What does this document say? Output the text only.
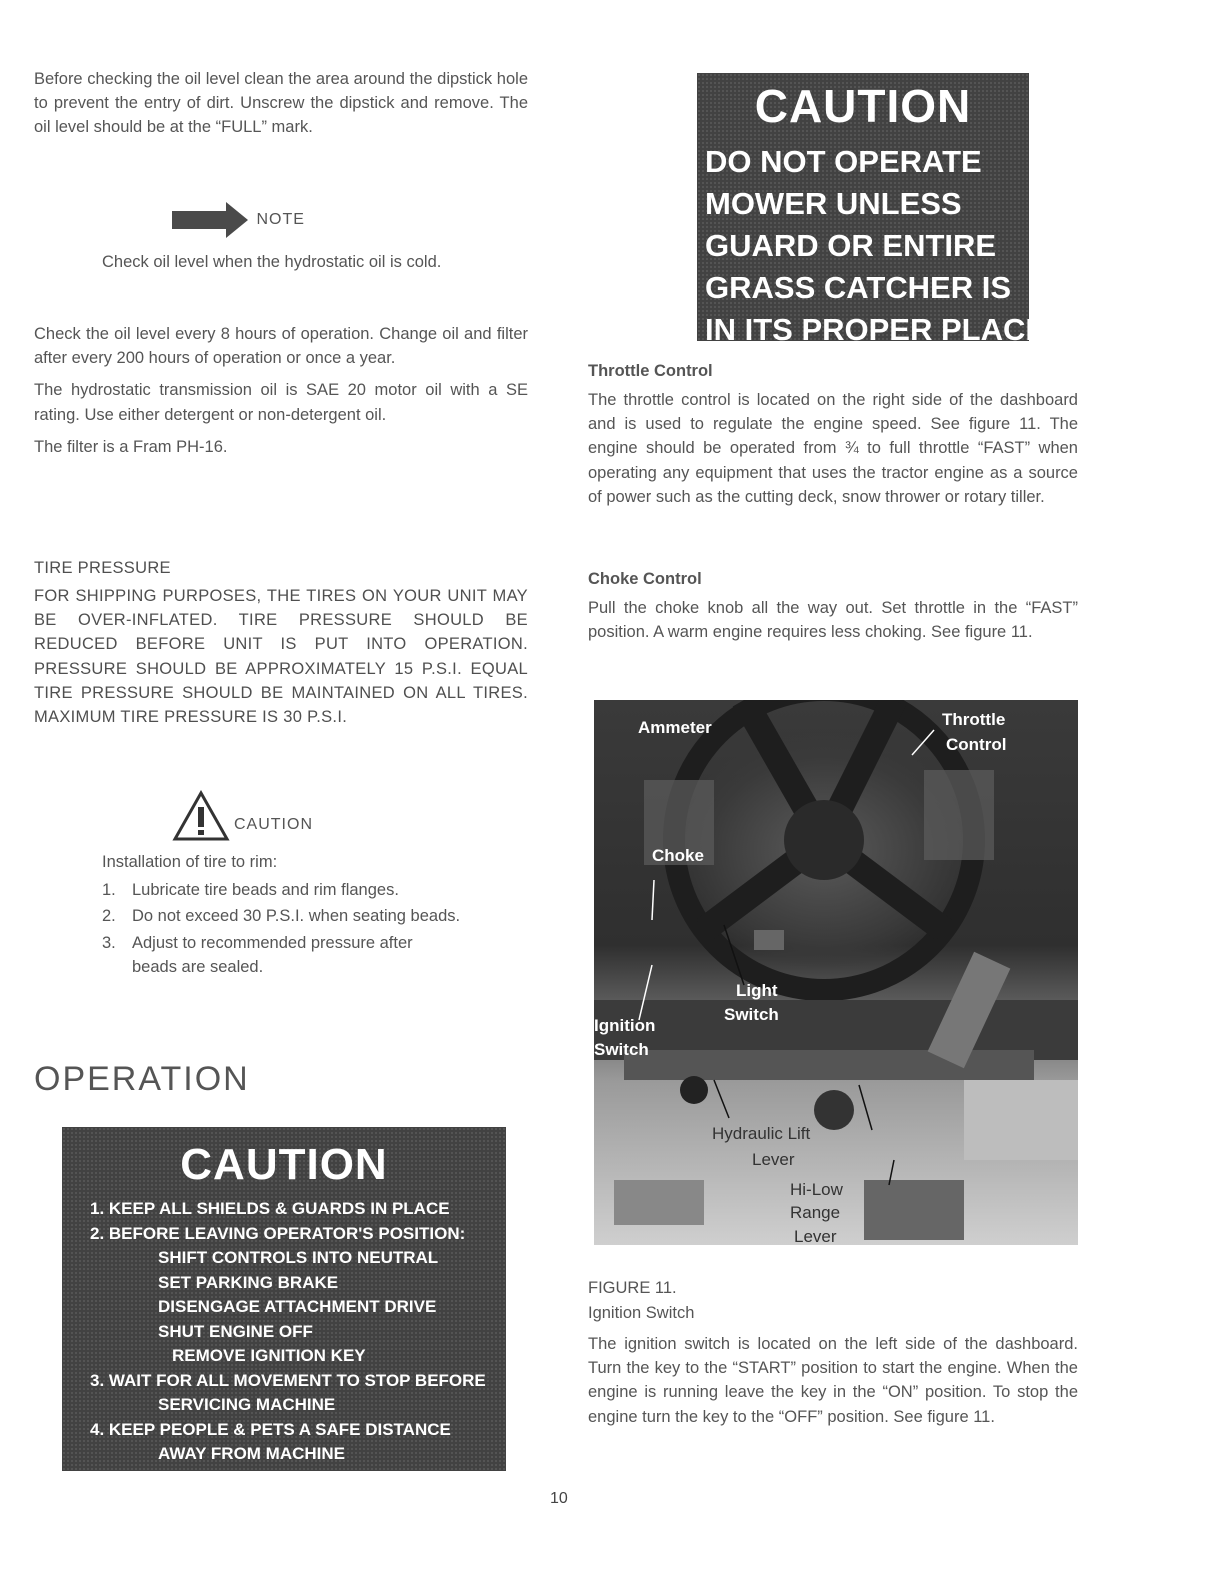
Before checking the oil level clean the area around the dipstick hole to prevent the entry of dirt. Unscrew the dipstick and remove. The oil level should be at the “FULL” mark.

NOTE
Check oil level when the hydrostatic oil is cold.

Check the oil level every 8 hours of operation. Change oil and filter after every 200 hours of operation or once a year.

The hydrostatic transmission oil is SAE 20 motor oil with a SE rating. Use either detergent or non-detergent oil.

The filter is a Fram PH-16.

TIRE PRESSURE
FOR SHIPPING PURPOSES, THE TIRES ON YOUR UNIT MAY BE OVER-INFLATED. TIRE PRESSURE SHOULD BE REDUCED BEFORE UNIT IS PUT INTO OPERATION. PRESSURE SHOULD BE APPROXIMATELY 15 P.S.I. EQUAL TIRE PRESSURE SHOULD BE MAINTAINED ON ALL TIRES. MAXIMUM TIRE PRESSURE IS 30 P.S.I.
CAUTION
Installation of tire to rim:
1. Lubricate tire beads and rim flanges.
2. Do not exceed 30 P.S.I. when seating beads.
3. Adjust to recommended pressure after beads are sealed.
OPERATION
CAUTION
1. KEEP ALL SHIELDS & GUARDS IN PLACE
2. BEFORE LEAVING OPERATOR'S POSITION:
SHIFT CONTROLS INTO NEUTRAL
SET PARKING BRAKE
DISENGAGE ATTACHMENT DRIVE
SHUT ENGINE OFF
REMOVE IGNITION KEY
3. WAIT FOR ALL MOVEMENT TO STOP BEFORE
SERVICING MACHINE
4. KEEP PEOPLE & PETS A SAFE DISTANCE
AWAY FROM MACHINE
CAUTION
DO NOT OPERATE
MOWER UNLESS
GUARD OR ENTIRE
GRASS CATCHER IS
IN ITS PROPER PLACE.
Throttle Control
The throttle control is located on the right side of the dashboard and is used to regulate the engine speed. See figure 11. The engine should be operated from ¾ to full throttle “FAST” when operating any equipment that uses the tractor engine as a source of power such as the cutting deck, snow thrower or rotary tiller.
Choke Control
Pull the choke knob all the way out. Set throttle in the “FAST” position. A warm engine requires less choking. See figure 11.
Ammeter	Throttle
Control
Choke
Light
Switch
Ignition
Switch
Hydraulic Lift
Lever
Hi-Low
Range
Lever
FIGURE 11.
Ignition Switch
The ignition switch is located on the left side of the dashboard. Turn the key to the “START” position to start the engine. When the engine is running leave the key in the “ON” position. To stop the engine turn the key to the “OFF” position. See figure 11.
10
